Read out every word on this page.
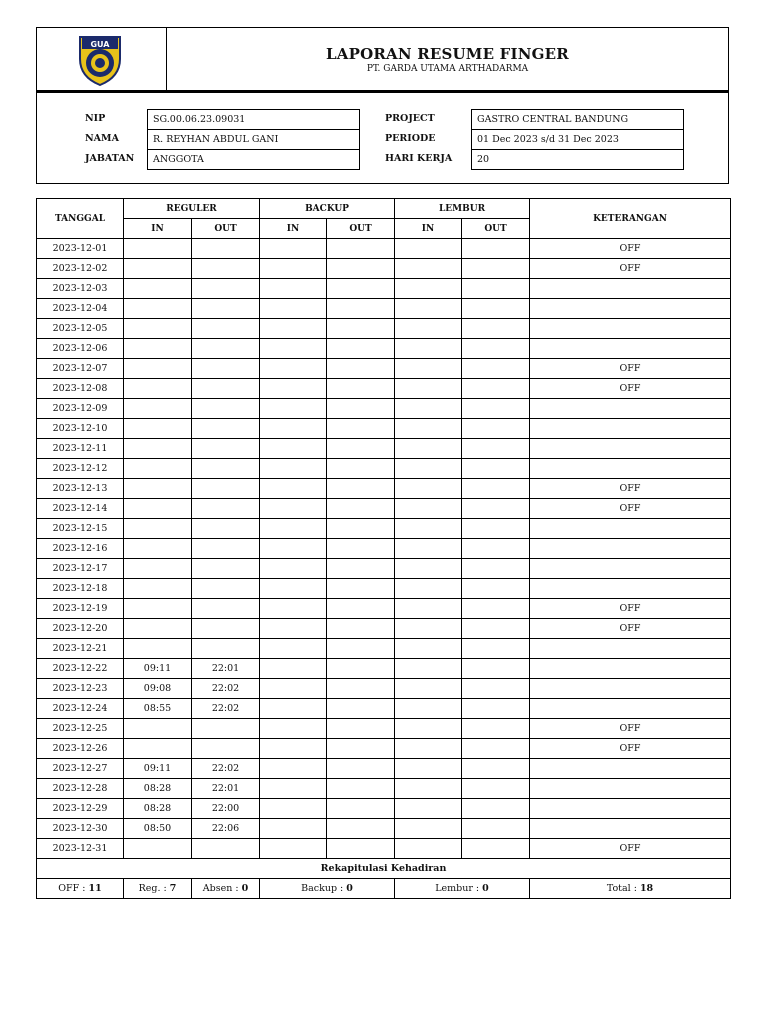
GUA
LAPORAN RESUME FINGER
PT. GARDA UTAMA ARTHADARMA
NIP	SG.00.06.23.09031
NAMA	R. REYHAN ABDUL GANI
JABATAN	ANGGOTA
PROJECT	GASTRO CENTRAL BANDUNG
PERIODE	01 Dec 2023 s/d 31 Dec 2023
HARI KERJA	20
TANGGAL	REGULER		BACKUP		LEMBUR		KETERANGAN
	IN	OUT	IN	OUT	IN	OUT	
2023-12-01							OFF
2023-12-02							OFF
2023-12-03							
2023-12-04							
2023-12-05							
2023-12-06							
2023-12-07							OFF
2023-12-08							OFF
2023-12-09							
2023-12-10							
2023-12-11							
2023-12-12							
2023-12-13							OFF
2023-12-14							OFF
2023-12-15							
2023-12-16							
2023-12-17							
2023-12-18							
2023-12-19							OFF
2023-12-20							OFF
2023-12-21							
2023-12-22	09:11	22:01					
2023-12-23	09:08	22:02					
2023-12-24	08:55	22:02					
2023-12-25							OFF
2023-12-26							OFF
2023-12-27	09:11	22:02					
2023-12-28	08:28	22:01					
2023-12-29	08:28	22:00					
2023-12-30	08:50	22:06					
2023-12-31							OFF
Rekapitulasi Kehadiran							
OFF : 11	Reg. : 7	Absen : 0	Backup : 0		Lembur : 0		Total : 18
